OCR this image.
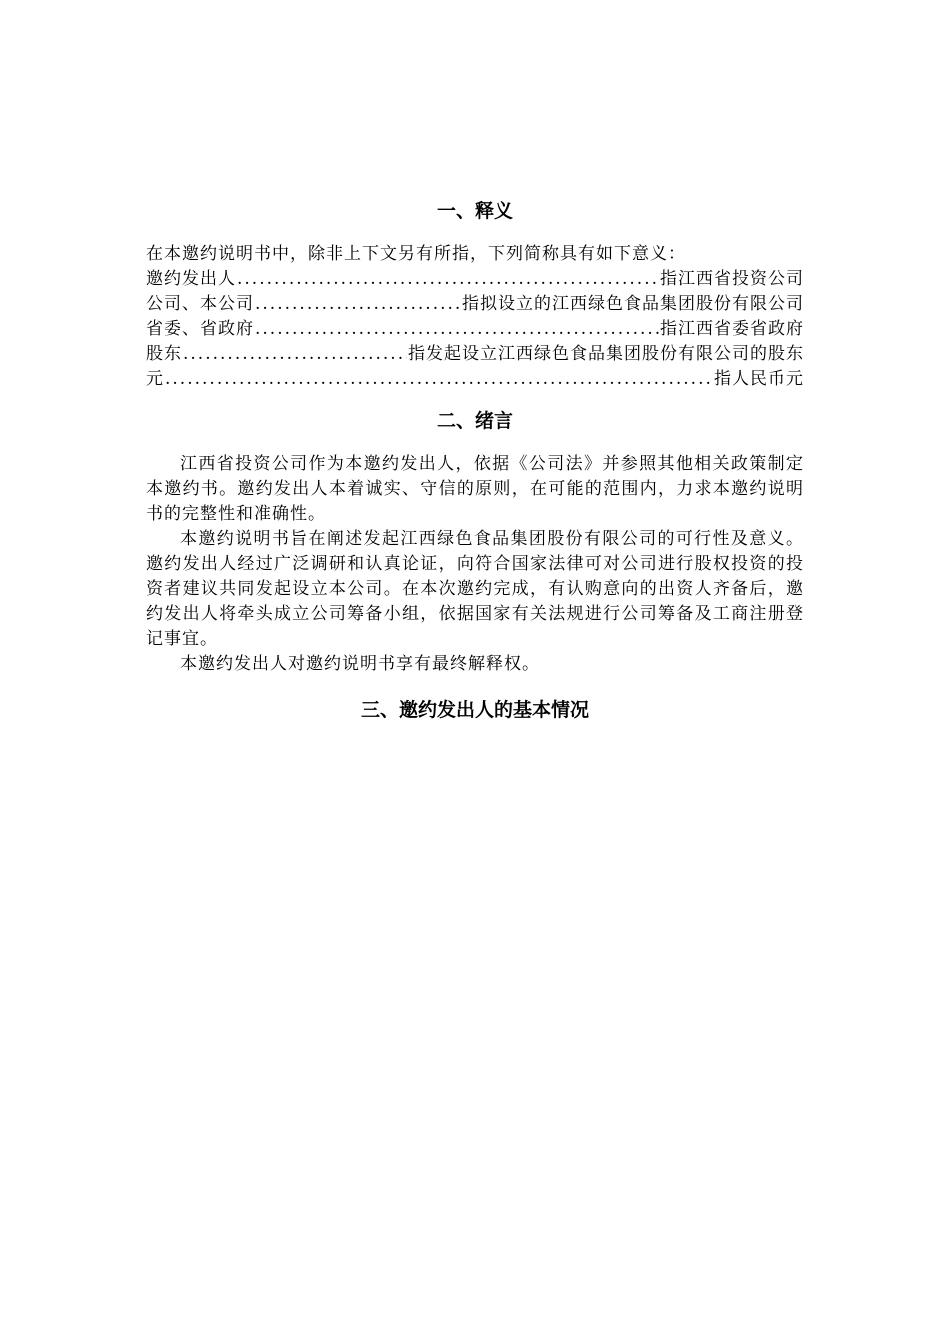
一、释义
在本邀约说明书中，除非上下文另有所指，下列简称具有如下意义：
邀约发出人 .....	指江西省投资公司
公司、本公司 .....	指拟设立的江西绿色食品集团股份有限公司
省委、省政府 .....	指江西省委省政府
股东 .....	指发起设立江西绿色食品集团股份有限公司的股东
元 .....	指人民币元
二、绪言

江西省投资公司作为本邀约发出人，依据《公司法》并参照其他相关政策制定本邀约书。邀约发出人本着诚实、守信的原则，在可能的范围内，力求本邀约说明书的完整性和准确性。

本邀约说明书旨在阐述发起江西绿色食品集团股份有限公司的可行性及意义。邀约发出人经过广泛调研和认真论证，向符合国家法律可对公司进行股权投资的投资者建议共同发起设立本公司。在本次邀约完成，有认购意向的出资人齐备后，邀约发出人将牵头成立公司筹备小组，依据国家有关法规进行公司筹备及工商注册登记事宜。

本邀约发出人对邀约说明书享有最终解释权。

三、邀约发出人的基本情况
